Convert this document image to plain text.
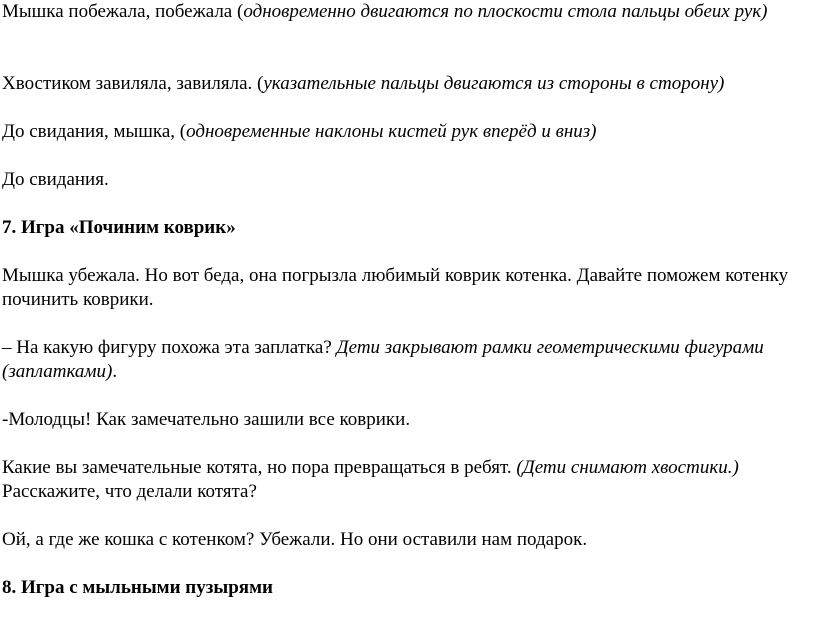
Мышка побежала, побежала (одновременно двигаются по плоскости стола пальцы обеих рук)

Хвостиком завиляла, завиляла. (указательные пальцы двигаются из стороны в сторону)

До свидания, мышка, (одновременные наклоны кистей рук вперёд и вниз)

До свидания.

7. Игра «Починим коврик»

Мышка убежала. Но вот беда, она погрызла любимый коврик котенка. Давайте поможем котенку починить коврики.

– На какую фигуру похожа эта заплатка? Дети закрывают рамки геометрическими фигурами (заплатками).

-Молодцы! Как замечательно зашили все коврики.

Какие вы замечательные котята, но пора превращаться в ребят. (Дети снимают хвостики.) Расскажите, что делали котята?

Ой, а где же кошка с котенком? Убежали. Но они оставили нам подарок.

8. Игра с мыльными пузырями
